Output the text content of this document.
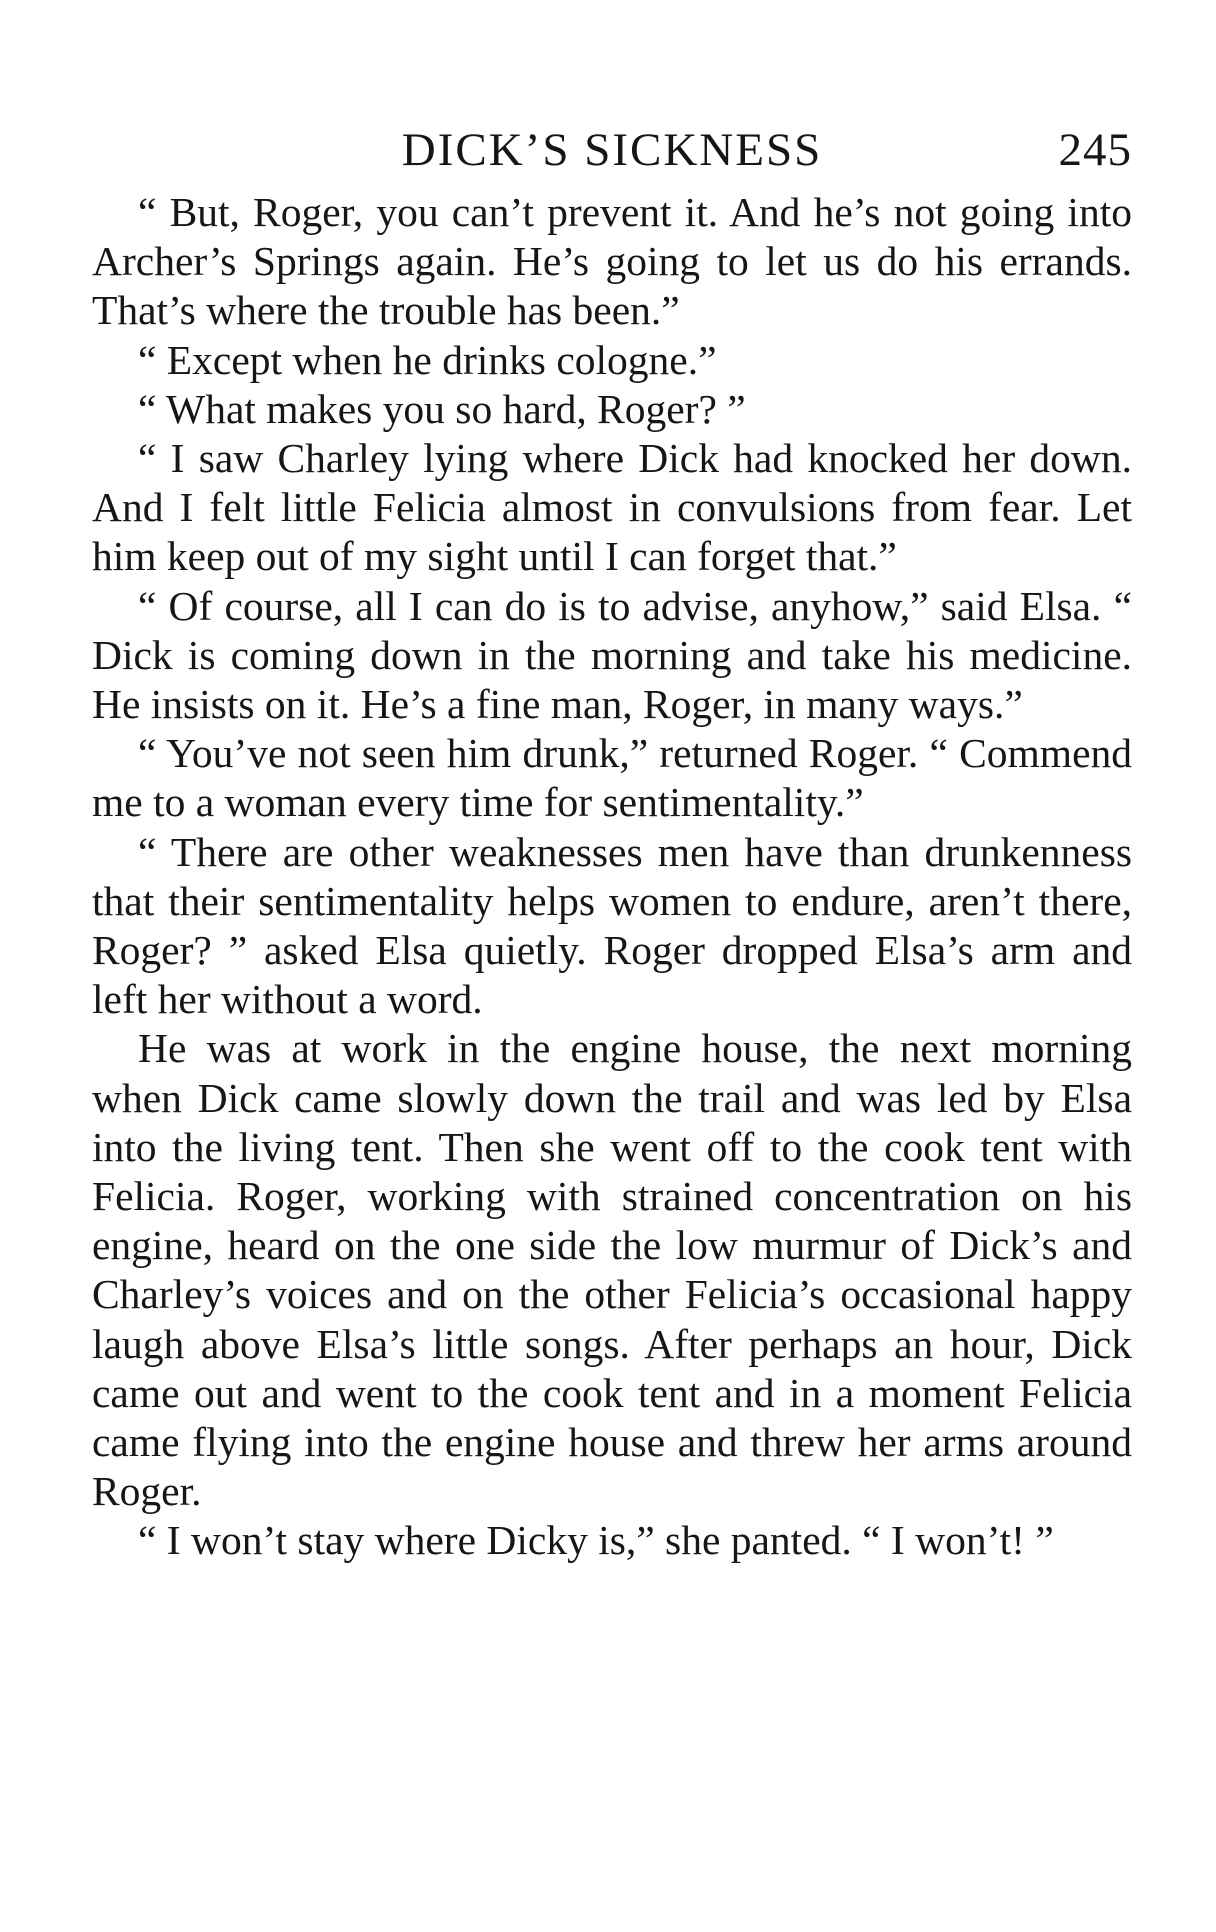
DICK’S SICKNESS	245

“ But, Roger, you can’t prevent it. And he’s not going into Archer’s Springs again. He’s going to let us do his errands. That’s where the trouble has been.”

“ Except when he drinks cologne.”

“ What makes you so hard, Roger? ”

“ I saw Charley lying where Dick had knocked her down. And I felt little Felicia almost in convulsions from fear. Let him keep out of my sight until I can forget that.”

“ Of course, all I can do is to advise, anyhow,” said Elsa. “ Dick is coming down in the morning and take his medicine. He insists on it. He’s a fine man, Roger, in many ways.”

“ You’ve not seen him drunk,” returned Roger. “ Commend me to a woman every time for sentimentality.”

“ There are other weaknesses men have than drunkenness that their sentimentality helps women to endure, aren’t there, Roger? ” asked Elsa quietly. Roger dropped Elsa’s arm and left her without a word.

He was at work in the engine house, the next morning when Dick came slowly down the trail and was led by Elsa into the living tent. Then she went off to the cook tent with Felicia. Roger, working with strained concentration on his engine, heard on the one side the low murmur of Dick’s and Charley’s voices and on the other Felicia’s occasional happy laugh above Elsa’s little songs. After perhaps an hour, Dick came out and went to the cook tent and in a moment Felicia came flying into the engine house and threw her arms around Roger.

“ I won’t stay where Dicky is,” she panted. “ I won’t! ”
